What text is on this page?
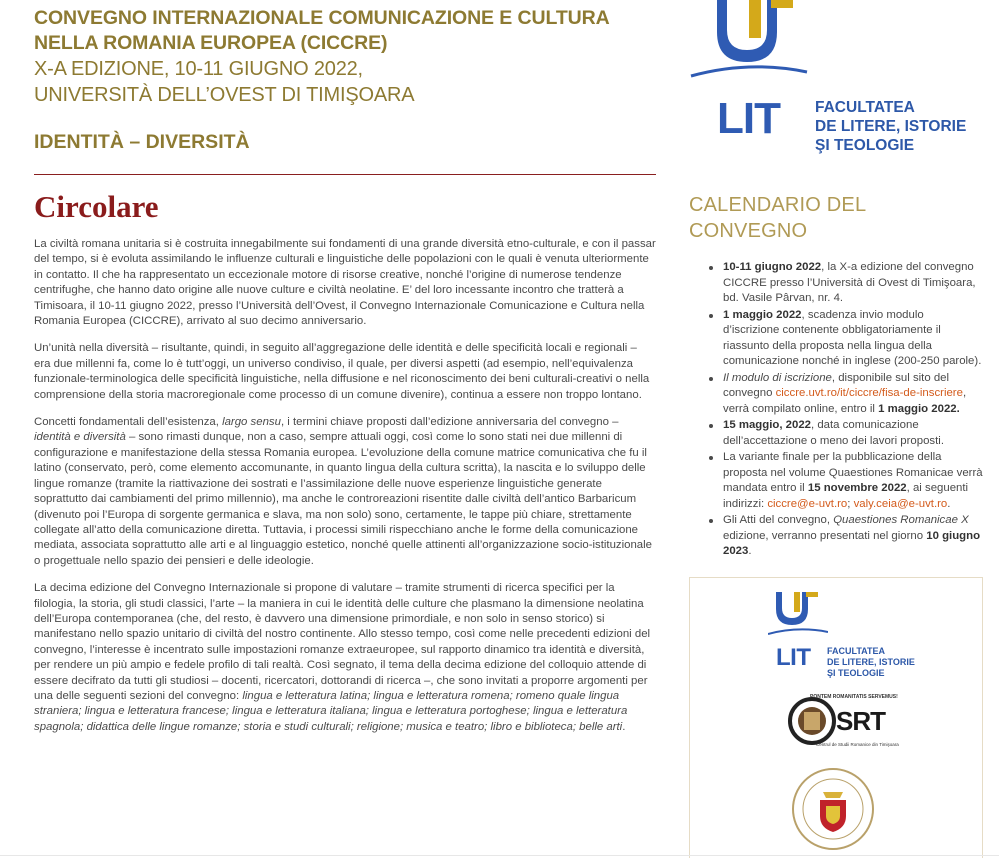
CONVEGNO INTERNAZIONALE COMUNICAZIONE E CULTURA
NELLA ROMANIA EUROPEA (CICCRE)
X-A EDIZIONE, 10-11 GIUGNO 2022,
UNIVERSITÀ DELL’OVEST DI TIMIŞOARA
IDENTITÀ – DIVERSITÀ
Circolare

La civiltà romana unitaria si è costruita innegabilmente sui fondamenti di una grande diversità etno-culturale, e con il passar del tempo, si è evoluta assimilando le influenze culturali e linguistiche delle popolazioni con le quali è venuta ulteriormente in contatto. Il che ha rappresentato un eccezionale motore di risorse creative, nonché l’origine di numerose tendenze centrifughe, che hanno dato origine alle nuove culture e civiltà neolatine. E’ del loro incessante incontro che tratterà a Timisoara, il 10-11 giugno 2022, presso l’Università dell’Ovest, il Convegno Internazionale Comunicazione e Cultura nella Romania Europea (CICCRE), arrivato al suo decimo anniversario.

Un’unità nella diversità – risultante, quindi, in seguito all’aggregazione delle identità e delle specificità locali e regionali – era due millenni fa, come lo è tutt’oggi, un universo condiviso, il quale, per diversi aspetti (ad esempio, nell’equivalenza funzionale-terminologica delle specificità linguistiche, nella diffusione e nel riconoscimento dei beni culturali-creativi o nella comprensione della storia macroregionale come processo di un comune divenire), continua a essere non troppo lontano.

Concetti fondamentali dell’esistenza, largo sensu, i termini chiave proposti dall’edizione anniversaria del convegno – identità e diversità – sono rimasti dunque, non a caso, sempre attuali oggi, così come lo sono stati nei due millenni di configurazione e manifestazione della stessa Romania europea. L’evoluzione della comune matrice comunicativa che fu il latino (conservato, però, come elemento accomunante, in quanto lingua della cultura scritta), la nascita e lo sviluppo delle lingue romanze (tramite la riattivazione dei sostrati e l’assimilazione delle nuove esperienze linguistiche generate soprattutto dai cambiamenti del primo millennio), ma anche le controreazioni risentite dalle civiltà dell’antico Barbaricum (divenuto poi l’Europa di sorgente germanica e slava, ma non solo) sono, certamente, le tappe più chiare, strettamente collegate all’atto della comunicazione diretta. Tuttavia, i processi simili rispecchiano anche le forme della comunicazione mediata, associata soprattutto alle arti e al linguaggio estetico, nonché quelle attinenti all’organizzazione socio-istituzionale o progettuale nello spazio dei pensieri e delle ideologie.

La decima edizione del Convegno Internazionale si propone di valutare – tramite strumenti di ricerca specifici per la filologia, la storia, gli studi classici, l’arte – la maniera in cui le identità delle culture che plasmano la dimensione neolatina dell’Europa contemporanea (che, del resto, è davvero una dimensione primordiale, e non solo in senso storico) si manifestano nello spazio unitario di civiltà del nostro continente. Allo stesso tempo, così come nelle precedenti edizioni del convegno, l’interesse è incentrato sulle impostazioni romanze extraeuropee, sul rapporto dinamico tra identità e diversità, per rendere un più ampio e fedele profilo di tali realtà. Così segnato, il tema della decima edizione del colloquio attende di essere decifrato da tutti gli studiosi – docenti, ricercatori, dottorandi di ricerca –, che sono invitati a proporre argomenti per una delle seguenti sezioni del convegno: lingua e letteratura latina; lingua e letteratura romena; romeno quale lingua straniera; lingua e letteratura francese; lingua e letteratura italiana; lingua e letteratura portoghese; lingua e letteratura spagnola; didattica delle lingue romanze; storia e studi culturali; religione; musica e teatro; libro e biblioteca; belle arti.

LIT FACULTATEA
DE LITERE, ISTORIE
ŞI TEOLOGIE
CALENDARIO DEL
CONVEGNO
10-11 giugno 2022, la X-a edizione del convegno CICCRE presso l’Università di Ovest di Timişoara, bd. Vasile Pârvan, nr. 4.
1 maggio 2022, scadenza invio modulo d’iscrizione contenente obbligatoriamente il riassunto della proposta nella lingua della comunicazione nonché in inglese (200-250 parole).
Il modulo di iscrizione, disponibile sul sito del convegno ciccre.uvt.ro/it/ciccre/fisa-de-inscriere, verrà compilato online, entro il 1 maggio 2022.
15 maggio, 2022, data comunicazione dell’accettazione o meno dei lavori proposti.
La variante finale per la pubblicazione della proposta nel volume Quaestiones Romanicae verrà mandata entro il 15 novembre 2022, ai seguenti indirizzi: ciccre@e-uvt.ro; valy.ceia@e-uvt.ro.
Gli Atti del convegno, Quaestiones Romanicae X edizione, verranno presentati nel giorno 10 giugno 2023.
LIT FACULTATEA
DE LITERE, ISTORIE
ŞI TEOLOGIE
PONTEM ROMANITATIS SERVEMUS!
SRT
Centrul de Studii Romanice din Timişoara
